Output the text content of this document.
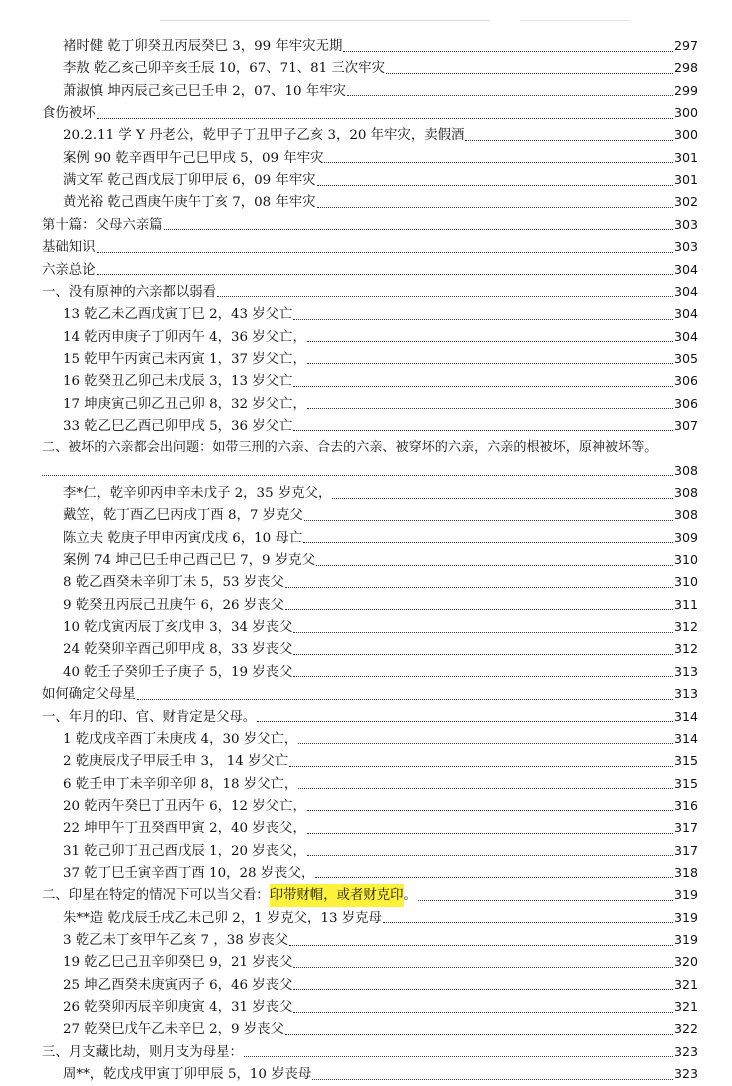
褚时健 乾丁卯癸丑丙辰癸巳 3，99 年牢灾无期	297
李敖 乾乙亥己卯辛亥壬辰 10，67、71、81 三次牢灾	298
萧淑慎 坤丙辰己亥己巳壬申 2，07、10 年牢灾	299
食伤被坏	300
20.2.11 学 Y 丹老公，乾甲子丁丑甲子乙亥 3，20 年牢灾，卖假酒	300
案例 90 乾辛酉甲午己巳甲戌 5，09 年牢灾	301
满文军 乾己酉戊辰丁卯甲辰 6，09 年牢灾	301
黄光裕 乾己酉庚午庚午丁亥 7，08 年牢灾	302
第十篇：父母六亲篇	303
基础知识	303
六亲总论	304
一、没有原神的六亲都以弱看	304
13 乾乙未乙酉戊寅丁巳 2，43 岁父亡	304
14 乾丙申庚子丁卯丙午 4，36 岁父亡，	304
15 乾甲午丙寅己未丙寅 1，37 岁父亡，	305
16 乾癸丑乙卯己未戊辰 3，13 岁父亡	306
17 坤庚寅己卯乙丑己卯 8，32 岁父亡，	306
33 乾乙巳乙酉己卯甲戌 5，36 岁父亡	307
二、被坏的六亲都会出问题：如带三刑的六亲、合去的六亲、被穿坏的六亲，六亲的根被坏，原神被坏等。
308
李*仁，乾辛卯丙申辛未戊子 2，35 岁克父，	308
戴笠，乾丁酉乙巳丙戌丁酉 8，7 岁克父	308
陈立夫 乾庚子甲申丙寅戊戌 6，10 母亡	309
案例 74 坤己巳壬申己酉己巳 7，9 岁克父	310
8 乾乙酉癸未辛卯丁未 5，53 岁丧父	310
9 乾癸丑丙辰己丑庚午 6，26 岁丧父	311
10 乾戊寅丙辰丁亥戊申 3，34 岁丧父	312
24 乾癸卯辛酉己卯甲戌 8，33 岁丧父	312
40 乾壬子癸卯壬子庚子 5，19 岁丧父	313
如何确定父母星	313
一、年月的印、官、财肯定是父母。	314
1 乾戊戌辛酉丁未庚戌 4，30 岁父亡，	314
2 乾庚辰戊子甲辰壬申 3， 14 岁父亡	315
6 乾壬申丁未辛卯辛卯 8，18 岁父亡，	315
20 乾丙午癸巳丁丑丙午 6，12 岁父亡，	316
22 坤甲午丁丑癸酉甲寅 2，40 岁丧父，	317
31 乾己卯丁丑己酉戊辰 1，20 岁丧父，	317
37 乾丁巳壬寅辛酉丁酉 10，28 岁丧父，	318
二、印星在特定的情况下可以当父看： 印带财帽，或者财克印 。	319
朱**造 乾戊辰壬戌乙未己卯 2，1 岁克父，13 岁克母	319
3 乾乙未丁亥甲午乙亥 7 ，38 岁丧父	319
19 乾乙巳己丑辛卯癸巳 9，21 岁丧父	320
25 坤乙酉癸未庚寅丙子 6，46 岁丧父	321
26 乾癸卯丙辰辛卯庚寅 4，31 岁丧父	321
27 乾癸巳戊午乙未辛巳 2，9 岁丧父	322
三、月支藏比劫，则月支为母星：	323
周**，乾戊戌甲寅丁卯甲辰 5，10 岁丧母	323
